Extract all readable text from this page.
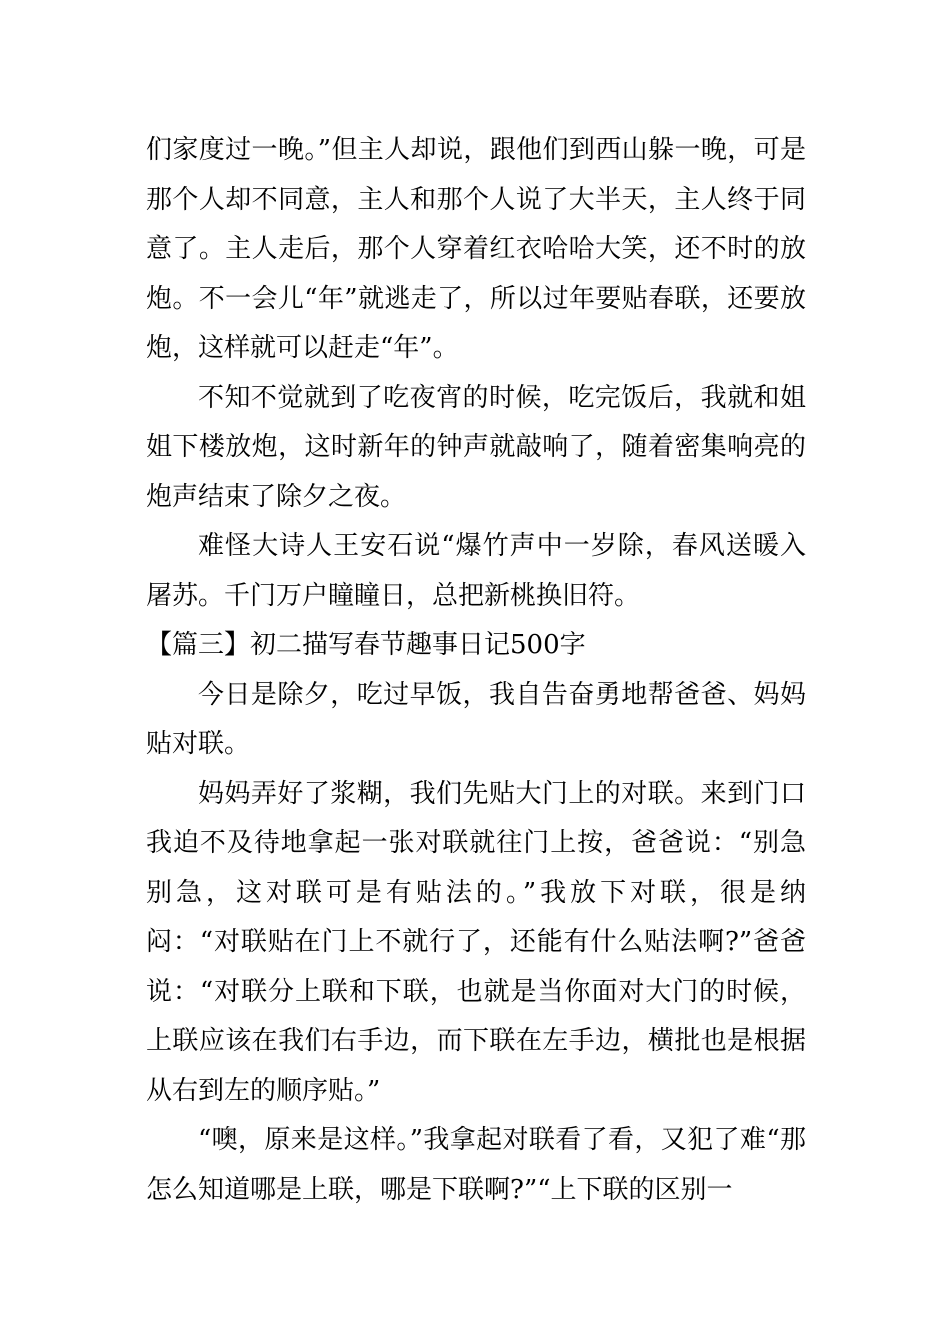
们家度过一晚。”但主人却说，跟他们到西山躲一晚，可是那个人却不同意，主人和那个人说了大半天，主人终于同意了。主人走后，那个人穿着红衣哈哈大笑，还不时的放炮。不一会儿“年”就逃走了，所以过年要贴春联，还要放炮，这样就可以赶走“年”。

不知不觉就到了吃夜宵的时候，吃完饭后，我就和姐姐下楼放炮，这时新年的钟声就敲响了，随着密集响亮的炮声结束了除夕之夜。

难怪大诗人王安石说“爆竹声中一岁除，春风送暖入屠苏。千门万户瞳瞳日，总把新桃换旧符。

【篇三】初二描写春节趣事日记500字

今日是除夕，吃过早饭，我自告奋勇地帮爸爸、妈妈贴对联。

妈妈弄好了浆糊，我们先贴大门上的对联。来到门口我迫不及待地拿起一张对联就往门上按，爸爸说：“别急别急，这对联可是有贴法的。”我放下对联，很是纳闷：“对联贴在门上不就行了，还能有什么贴法啊?”爸爸说：“对联分上联和下联，也就是当你面对大门的时候，上联应该在我们右手边，而下联在左手边，横批也是根据从右到左的顺序贴。”

“噢，原来是这样。”我拿起对联看了看，又犯了难“那怎么知道哪是上联，哪是下联啊?”“上下联的区别一
